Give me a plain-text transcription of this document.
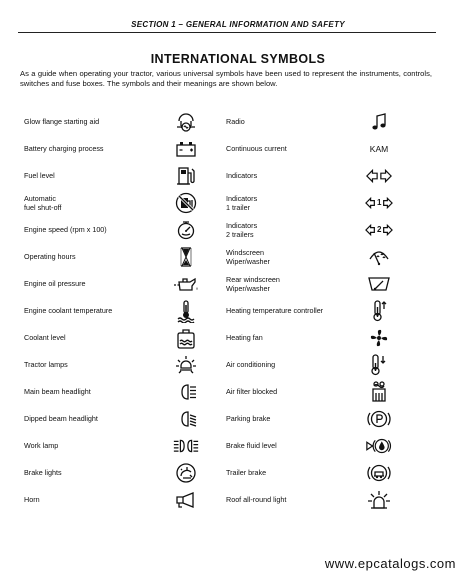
SECTION 1 – GENERAL INFORMATION AND SAFETY
INTERNATIONAL SYMBOLS
As a guide when operating your tractor, various universal symbols have been used to represent the instruments, controls, switches and fuse boxes. The symbols and their meanings are shown below.
Glow flange starting aid
Battery charging process
Fuel level
Automatic
fuel shut-off
Engine speed (rpm x 100)
Operating hours
Engine oil pressure
Engine coolant temperature
Coolant level
Tractor lamps
Main beam headlight
Dipped beam headlight
Work lamp
Brake lights
Horn
Radio
Continuous current	KAM
Indicators
Indicators
1 trailer
1
Indicators
2 trailers
2
Windscreen
Wiper/washer
Rear windscreen
Wiper/washer
Heating temperature controller
Heating fan
Air conditioning
Air filter blocked
Parking brake
Brake fluid level
Trailer brake
Roof all-round light
www.epcatalogs.com
